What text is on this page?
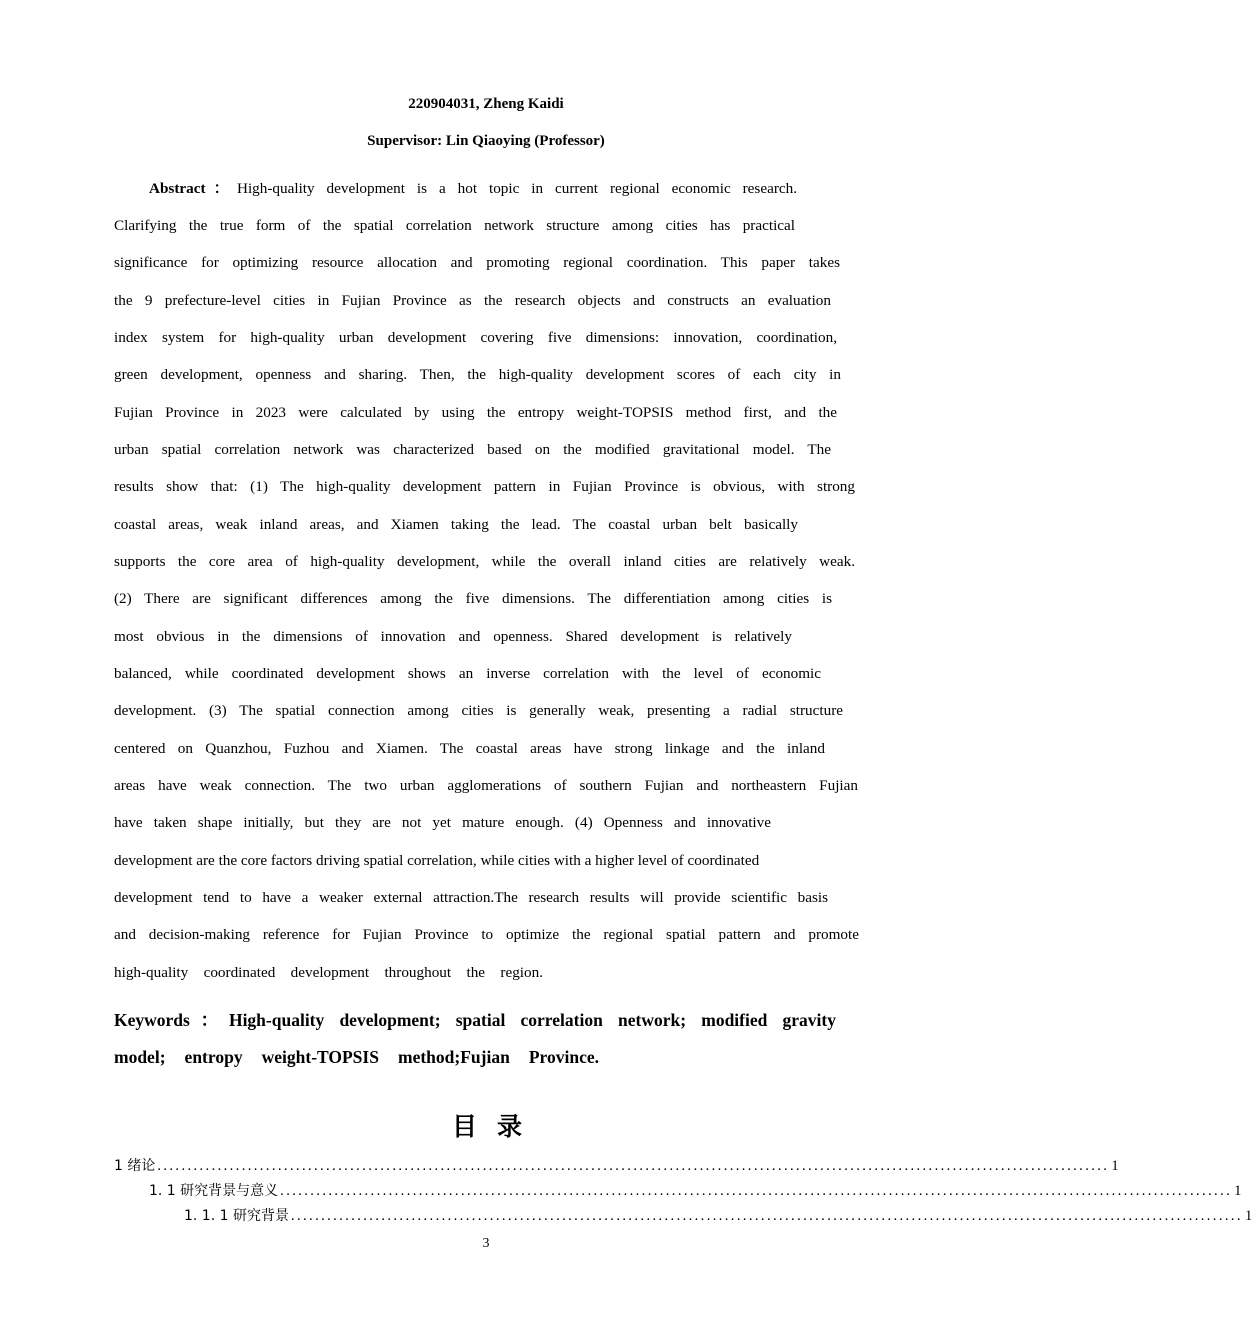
220904031, Zheng Kaidi
Supervisor: Lin Qiaoying (Professor)
Abstract：High-quality development is a hot topic in current regional economic research.
Clarifying the true form of the spatial correlation network structure among cities has practical
significance for optimizing resource allocation and promoting regional coordination. This paper takes
the 9 prefecture-level cities in Fujian Province as the research objects and constructs an evaluation
index system for high-quality urban development covering five dimensions: innovation, coordination,
green development, openness and sharing. Then, the high-quality development scores of each city in
Fujian Province in 2023 were calculated by using the entropy weight-TOPSIS method first, and the
urban spatial correlation network was characterized based on the modified gravitational model. The
results show that: (1) The high-quality development pattern in Fujian Province is obvious, with strong
coastal areas, weak inland areas, and Xiamen taking the lead. The coastal urban belt basically
supports the core area of high-quality development, while the overall inland cities are relatively weak.
(2) There are significant differences among the five dimensions. The differentiation among cities is
most obvious in the dimensions of innovation and openness. Shared development is relatively
balanced, while coordinated development shows an inverse correlation with the level of economic
development. (3) The spatial connection among cities is generally weak, presenting a radial structure
centered on Quanzhou, Fuzhou and Xiamen. The coastal areas have strong linkage and the inland
areas have weak connection. The two urban agglomerations of southern Fujian and northeastern Fujian
have taken shape initially, but they are not yet mature enough. (4) Openness and innovative
development are the core factors driving spatial correlation, while cities with a higher level of coordinated
development tend to have a weaker external attraction.The research results will provide scientific basis
and decision-making reference for Fujian Province to optimize the regional spatial pattern and promote
high-quality coordinated development throughout the region.
Keywords：High-quality development; spatial correlation network; modified gravity
model; entropy weight-TOPSIS method;Fujian Province.
目录
1 绪论 .............................................................................................................................................................. 1
1. 1 研究背景与意义 .............................................................................................................................................................. 1
1. 1. 1 研究背景 .............................................................................................................................................................. 1
3
